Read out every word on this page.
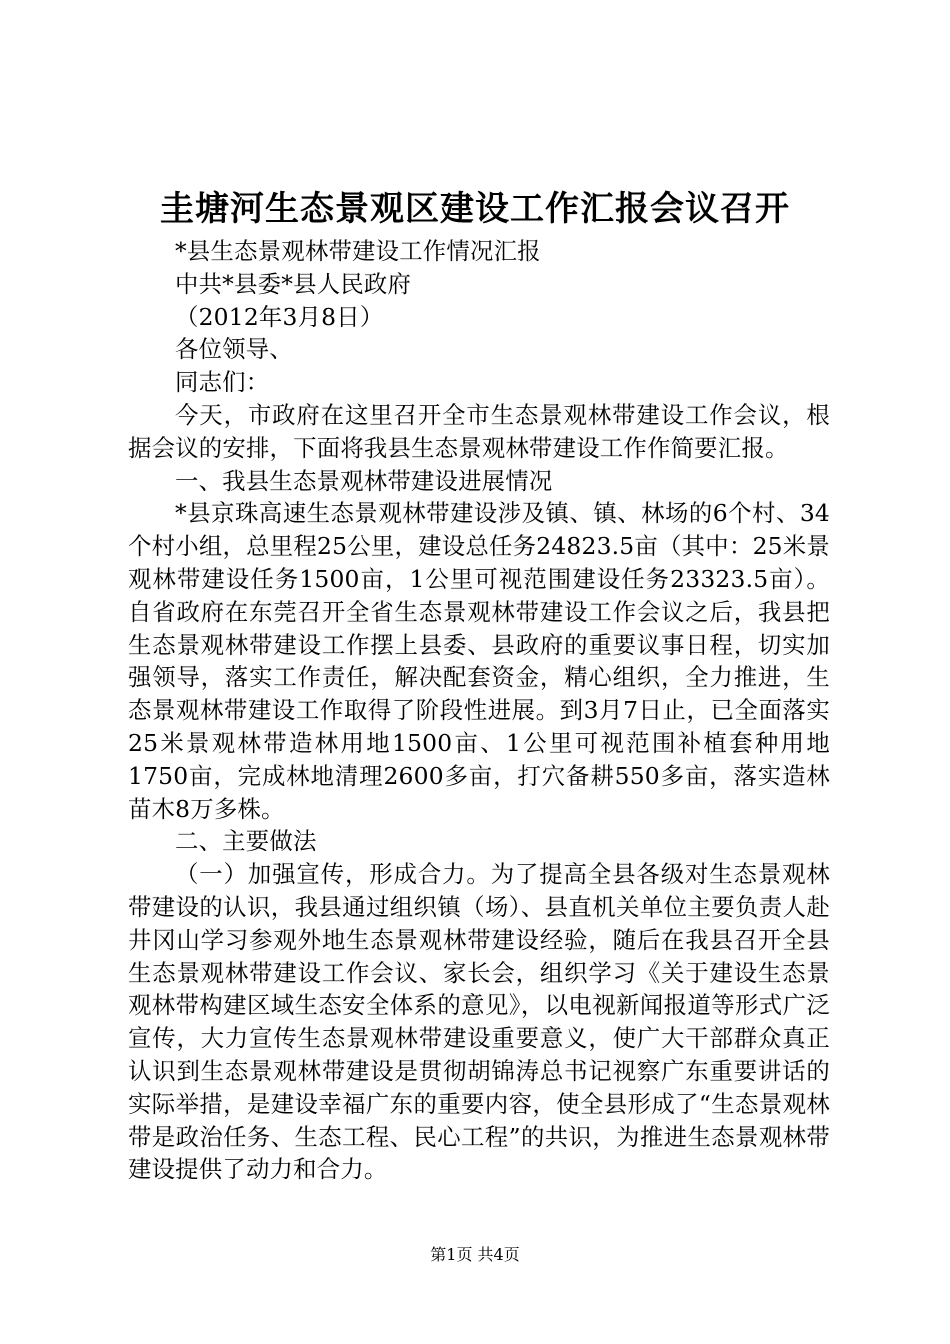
圭塘河生态景观区建设工作汇报会议召开

*县生态景观林带建设工作情况汇报

中共*县委*县人民政府

（2012年3月8日）

各位领导、

同志们：

今天，市政府在这里召开全市生态景观林带建设工作会议，根据会议的安排，下面将我县生态景观林带建设工作作简要汇报。

一、我县生态景观林带建设进展情况

*县京珠高速生态景观林带建设涉及镇、镇、林场的6个村、34个村小组，总里程25公里，建设总任务24823.5亩（其中：25米景观林带建设任务1500亩，1公里可视范围建设任务23323.5亩）。自省政府在东莞召开全省生态景观林带建设工作会议之后，我县把生态景观林带建设工作摆上县委、县政府的重要议事日程，切实加强领导，落实工作责任，解决配套资金，精心组织，全力推进，生态景观林带建设工作取得了阶段性进展。到3月7日止，已全面落实25米景观林带造林用地1500亩、1公里可视范围补植套种用地1750亩，完成林地清理2600多亩，打穴备耕550多亩，落实造林苗木8万多株。

二、主要做法

（一）加强宣传，形成合力。为了提高全县各级对生态景观林带建设的认识，我县通过组织镇（场）、县直机关单位主要负责人赴井冈山学习参观外地生态景观林带建设经验，随后在我县召开全县生态景观林带建设工作会议、家长会，组织学习《关于建设生态景观林带构建区域生态安全体系的意见》，以电视新闻报道等形式广泛宣传，大力宣传生态景观林带建设重要意义，使广大干部群众真正认识到生态景观林带建设是贯彻胡锦涛总书记视察广东重要讲话的实际举措，是建设幸福广东的重要内容，使全县形成了“生态景观林带是政治任务、生态工程、民心工程”的共识，为推进生态景观林带建设提供了动力和合力。

第1页 共4页
